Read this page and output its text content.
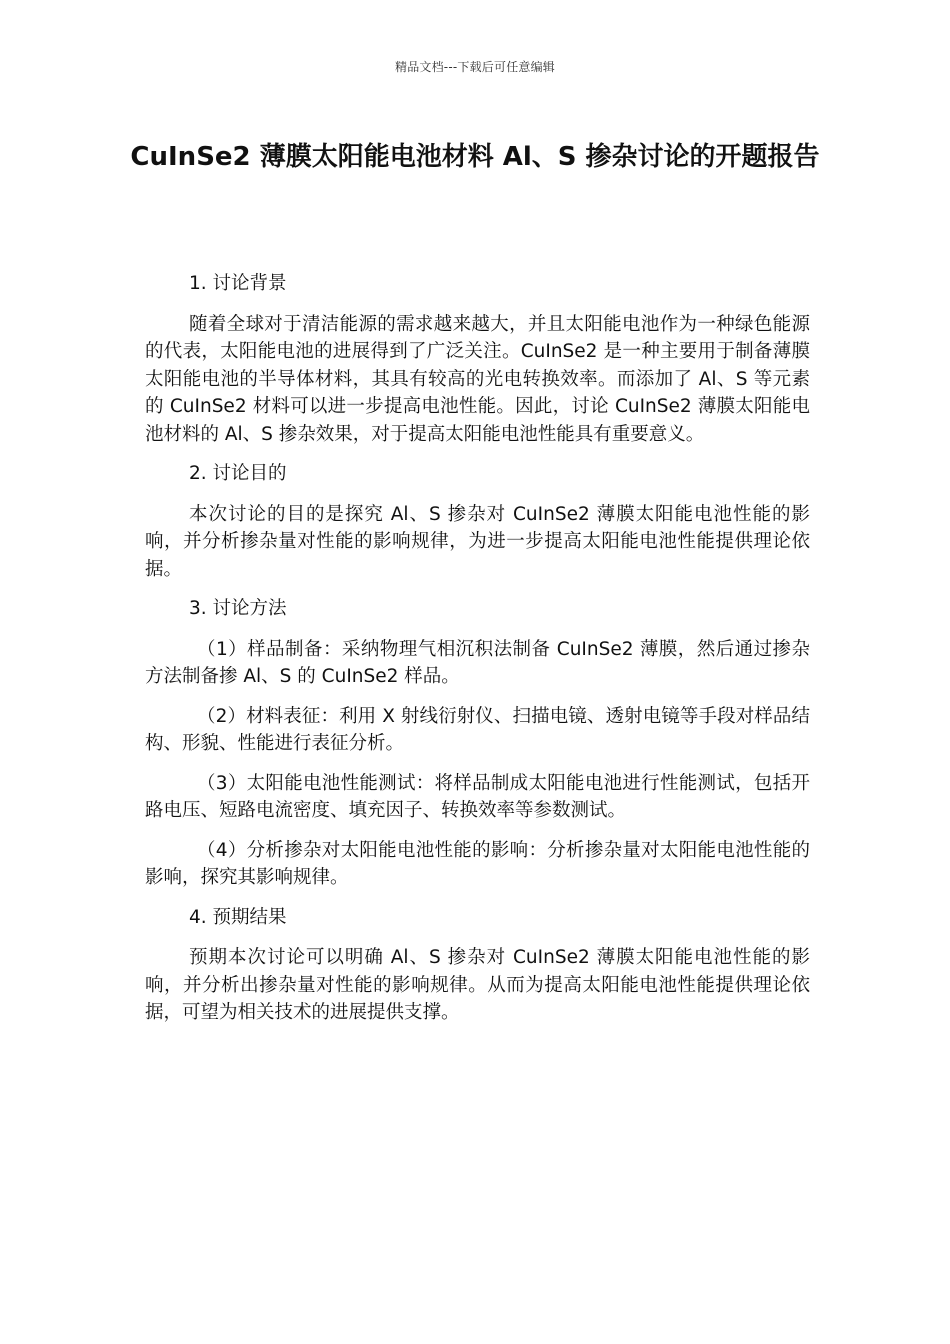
精品文档---下载后可任意编辑
CuInSe2 薄膜太阳能电池材料 Al、S 掺杂讨论的开题报告

1. 讨论背景

随着全球对于清洁能源的需求越来越大，并且太阳能电池作为一种绿色能源的代表，太阳能电池的进展得到了广泛关注。CuInSe2 是一种主要用于制备薄膜太阳能电池的半导体材料，其具有较高的光电转换效率。而添加了 Al、S 等元素的 CuInSe2 材料可以进一步提高电池性能。因此，讨论 CuInSe2 薄膜太阳能电池材料的 Al、S 掺杂效果，对于提高太阳能电池性能具有重要意义。

2. 讨论目的

本次讨论的目的是探究 Al、S 掺杂对 CuInSe2 薄膜太阳能电池性能的影响，并分析掺杂量对性能的影响规律，为进一步提高太阳能电池性能提供理论依据。

3. 讨论方法

（1）样品制备：采纳物理气相沉积法制备 CuInSe2 薄膜，然后通过掺杂方法制备掺 Al、S 的 CuInSe2 样品。

（2）材料表征：利用 X 射线衍射仪、扫描电镜、透射电镜等手段对样品结构、形貌、性能进行表征分析。

（3）太阳能电池性能测试：将样品制成太阳能电池进行性能测试，包括开路电压、短路电流密度、填充因子、转换效率等参数测试。

（4）分析掺杂对太阳能电池性能的影响：分析掺杂量对太阳能电池性能的影响，探究其影响规律。

4. 预期结果

预期本次讨论可以明确 Al、S 掺杂对 CuInSe2 薄膜太阳能电池性能的影响，并分析出掺杂量对性能的影响规律。从而为提高太阳能电池性能提供理论依据，可望为相关技术的进展提供支撑。
